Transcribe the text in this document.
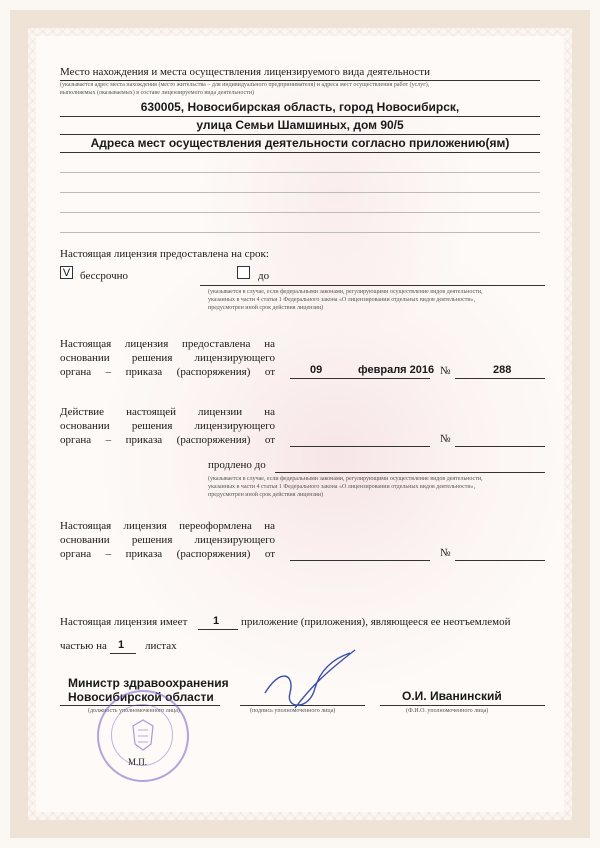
Место нахождения и места осуществления лицензируемого вида деятельности
(указывается адрес места нахождения (место жительства – для индивидуального предпринимателя) и адреса мест осуществления работ (услуг),
выполняемых (оказываемых) в составе лицензируемого вида деятельности)
630005, Новосибирская область, город Новосибирск,
улица Семьи Шамшиных, дом 90/5
Адреса мест осуществления деятельности согласно приложению(ям)
Настоящая лицензия предоставлена на срок:
V бессрочно	до
(указывается в случае, если федеральными законами, регулирующими осуществление видов деятельности,
указанных в части 4 статьи 1 Федерального закона «О лицензировании отдельных видов деятельности»,
предусмотрен иной срок действия лицензии)
Настоящая лицензия предоставлена на
основании решения лицензирующего
органа – приказа (распоряжения) от	09	февраля 2016 №	288
Действие настоящей лицензии на
основании решения лицензирующего
органа – приказа (распоряжения) от	№
продлено до
(указывается в случае, если федеральными законами, регулирующими осуществление видов деятельности,
указанных в части 4 статьи 1 Федерального закона «О лицензировании отдельных видов деятельности»,
предусмотрен иной срок действия лицензии)
Настоящая лицензия переоформлена на
основании решения лицензирующего
органа – приказа (распоряжения) от	№
Настоящая лицензия имеет 1 приложение (приложения), являющееся ее неотъемлемой
частью на 1 листах
Министр здравоохранения
Новосибирской области
(должность уполномоченного лица)	(подпись уполномоченного лица)
О.И. Иванинский
(Ф.И.О. уполномоченного лица)
М.П.
